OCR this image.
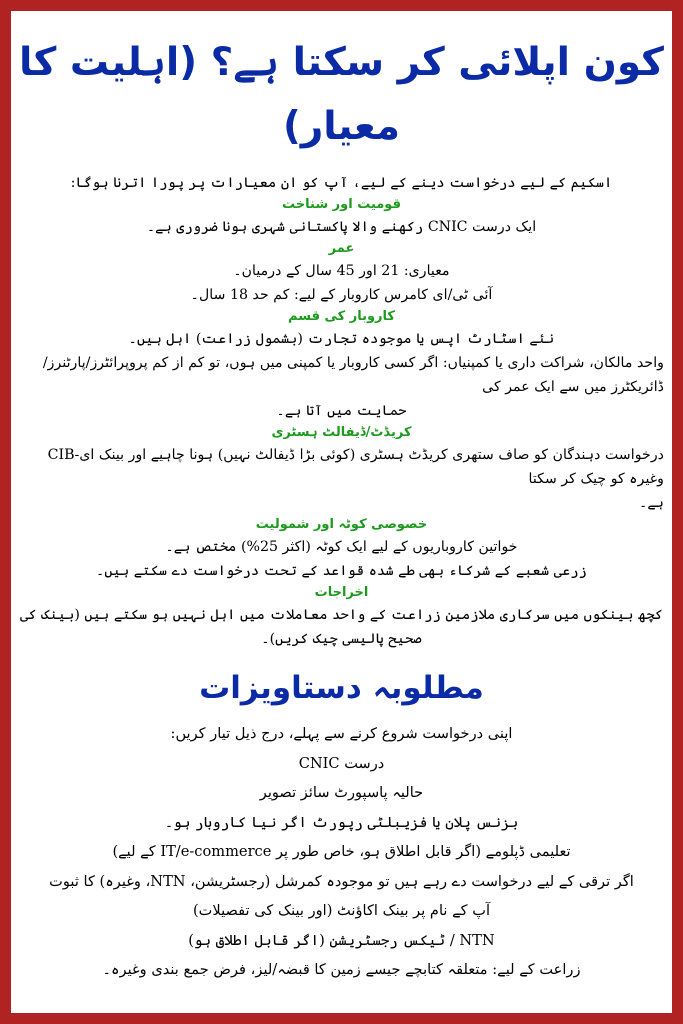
کون اپلائی کر سکتا ہے؟ (اہلیت کا معیار)

اسکیم کے لیے درخواست دینے کے لیے، آپ کو ان معیارات پر پورا اترنا ہوگا:

قومیت اور شناخت

ایک درست CNIC رکھنے والا پاکستانی شہری ہونا ضروری ہے۔

عمر

معیاری: 21 اور 45 سال کے درمیان۔

آئی ٹی/ای کامرس کاروبار کے لیے: کم حد 18 سال۔

کاروبار کی قسم

نئے اسٹارٹ اپس یا موجودہ تجارت (بشمول زراعت) اہل ہیں۔

واحد مالکان، شراکت داری یا کمپنیاں: اگر کسی کاروبار یا کمپنی میں ہوں، تو کم از کم پروپرائٹرز/پارٹنرز/ڈائریکٹرز میں سے ایک عمر کی

حمایت میں آتا ہے۔

کریڈٹ/ڈیفالٹ ہسٹری

درخواست دہندگان کو صاف ستھری کریڈٹ ہسٹری (کوئی بڑا ڈیفالٹ نہیں) ہونا چاہیے اور بینک ای-CIB وغیرہ کو چیک کر سکتا

ہے۔

خصوصی کوٹہ اور شمولیت

خواتین کاروباریوں کے لیے ایک کوٹہ (اکثر 25%) مختص ہے۔

زرعی شعبے کے شرکاء بھی طے شدہ قواعد کے تحت درخواست دے سکتے ہیں۔

اخراجات

کچھ بینکوں میں سرکاری ملازمین زراعت کے واحد معاملات میں اہل نہیں ہو سکتے ہیں (بینک کی صحیح پالیسی چیک کریں)۔

مطلوبہ دستاویزات

اپنی درخواست شروع کرنے سے پہلے، درج ذیل تیار کریں:

درست CNIC

حالیہ پاسپورٹ سائز تصویر

بزنس پلان یا فزیبلٹی رپورٹ اگر نیا کاروبار ہو۔

تعلیمی ڈپلومے (اگر قابل اطلاق ہو، خاص طور پر IT/e-commerce کے لیے)

اگر ترقی کے لیے درخواست دے رہے ہیں تو موجودہ کمرشل (رجسٹریشن، NTN، وغیرہ) کا ثبوت

آپ کے نام پر بینک اکاؤنٹ (اور بینک کی تفصیلات)

NTN / ٹیکس رجسٹریشن (اگر قابل اطلاق ہو)

زراعت کے لیے: متعلقہ کتابچے جیسے زمین کا قبضہ/لیز، فرض جمع بندی وغیرہ۔
